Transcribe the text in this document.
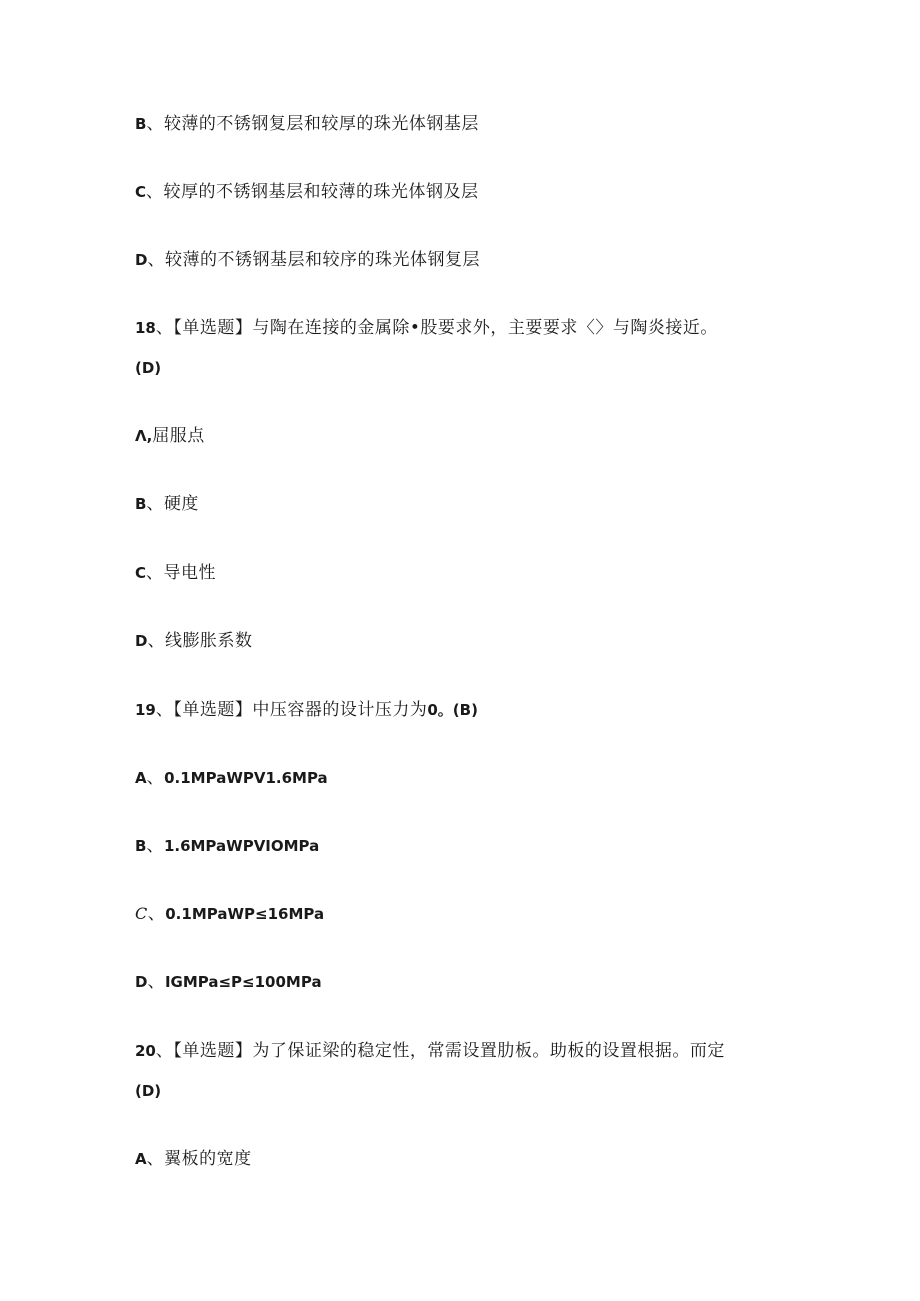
B、较薄的不锈钢复层和较厚的珠光体钢基层
C、较厚的不锈钢基层和较薄的珠光体钢及层
D、较薄的不锈钢基层和较序的珠光体钢复层
18、【单选题】与陶在连接的金属除•股要求外，主要要求〈〉与陶炎接近。
(D)
Λ,屈服点
B、硬度
C、导电性
D、线膨胀系数
19、【单选题】中压容器的设计压力为0。(B)
A、0.1MPaWPV1.6MPa
B、1.6MPaWPVIOMPa
C、0.1MPaWP≤16MPa
D、IGMPa≤P≤100MPa
20、【单选题】为了保证梁的稳定性，常需设置肋板。助板的设置根据。而定
(D)
A、翼板的宽度
